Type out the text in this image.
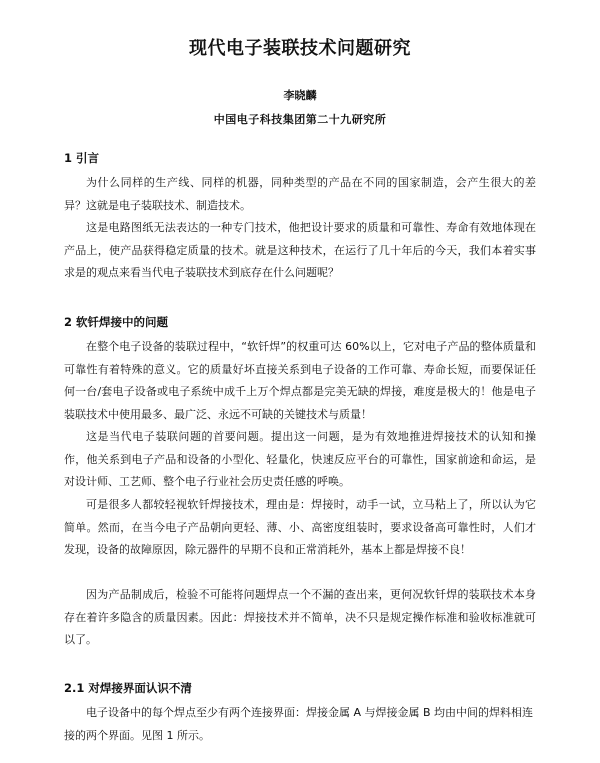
现代电子装联技术问题研究
李晓麟
中国电子科技集团第二十九研究所
1 引言
为什么同样的生产线、同样的机器，同种类型的产品在不同的国家制造，会产生很大的差异？这就是电子装联技术、制造技术。
这是电路图纸无法表达的一种专门技术，他把设计要求的质量和可靠性、寿命有效地体现在产品上，使产品获得稳定质量的技术。就是这种技术，在运行了几十年后的今天，我们本着实事求是的观点来看当代电子装联技术到底存在什么问题呢？
2 软钎焊接中的问题
在整个电子设备的装联过程中，“软钎焊”的权重可达 60%以上，它对电子产品的整体质量和可靠性有着特殊的意义。它的质量好坏直接关系到电子设备的工作可靠、寿命长短，而要保证任何一台/套电子设备或电子系统中成千上万个焊点都是完美无缺的焊接，难度是极大的！他是电子装联技术中使用最多、最广泛、永远不可缺的关键技术与质量！
这是当代电子装联问题的首要问题。提出这一问题，是为有效地推进焊接技术的认知和操作，他关系到电子产品和设备的小型化、轻量化，快速反应平台的可靠性，国家前途和命运，是对设计师、工艺师、整个电子行业社会历史责任感的呼唤。
可是很多人都较轻视软钎焊接技术，理由是：焊接时，动手一试，立马粘上了，所以认为它简单。然而，在当今电子产品朝向更轻、薄、小、高密度组装时，要求设备高可靠性时，人们才发现，设备的故障原因，除元器件的早期不良和正常消耗外，基本上都是焊接不良！
因为产品制成后，检验不可能将问题焊点一个不漏的查出来，更何况软钎焊的装联技术本身存在着许多隐含的质量因素。因此：焊接技术并不简单，决不只是规定操作标准和验收标准就可以了。
2.1 对焊接界面认识不清
电子设备中的每个焊点至少有两个连接界面：焊接金属 A 与焊接金属 B 均由中间的焊料相连接的两个界面。见图 1 所示。
